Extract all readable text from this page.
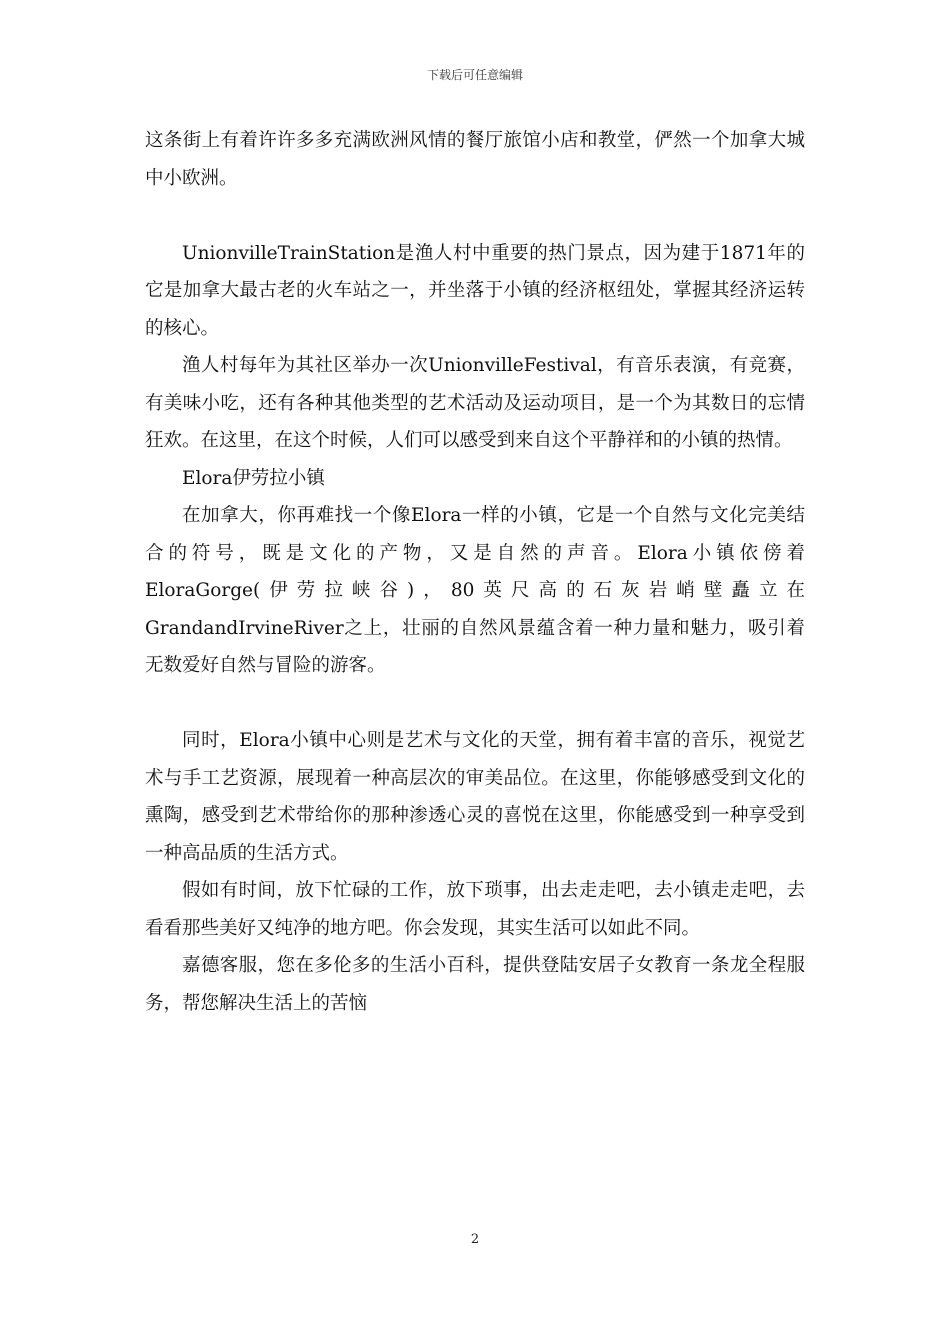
下载后可任意编辑

这条街上有着许许多多充满欧洲风情的餐厅旅馆小店和教堂，俨然一个加拿大城中小欧洲。

UnionvilleTrainStation是渔人村中重要的热门景点，因为建于1871年的它是加拿大最古老的火车站之一，并坐落于小镇的经济枢纽处，掌握其经济运转的核心。

渔人村每年为其社区举办一次UnionvilleFestival，有音乐表演，有竞赛，有美味小吃，还有各种其他类型的艺术活动及运动项目，是一个为其数日的忘情狂欢。在这里，在这个时候，人们可以感受到来自这个平静祥和的小镇的热情。

Elora伊劳拉小镇

在加拿大，你再难找一个像Elora一样的小镇，它是一个自然与文化完美结合的符号，既是文化的产物，又是自然的声音。Elora小镇依傍着EloraGorge(伊劳拉峡谷)，80英尺高的石灰岩峭壁矗立在GrandandIrvineRiver之上，壮丽的自然风景蕴含着一种力量和魅力，吸引着无数爱好自然与冒险的游客。

同时，Elora小镇中心则是艺术与文化的天堂，拥有着丰富的音乐，视觉艺术与手工艺资源，展现着一种高层次的审美品位。在这里，你能够感受到文化的熏陶，感受到艺术带给你的那种渗透心灵的喜悦在这里，你能感受到一种享受到一种高品质的生活方式。

假如有时间，放下忙碌的工作，放下琐事，出去走走吧，去小镇走走吧，去看看那些美好又纯净的地方吧。你会发现，其实生活可以如此不同。

嘉德客服，您在多伦多的生活小百科，提供登陆安居子女教育一条龙全程服务，帮您解决生活上的苦恼

2
